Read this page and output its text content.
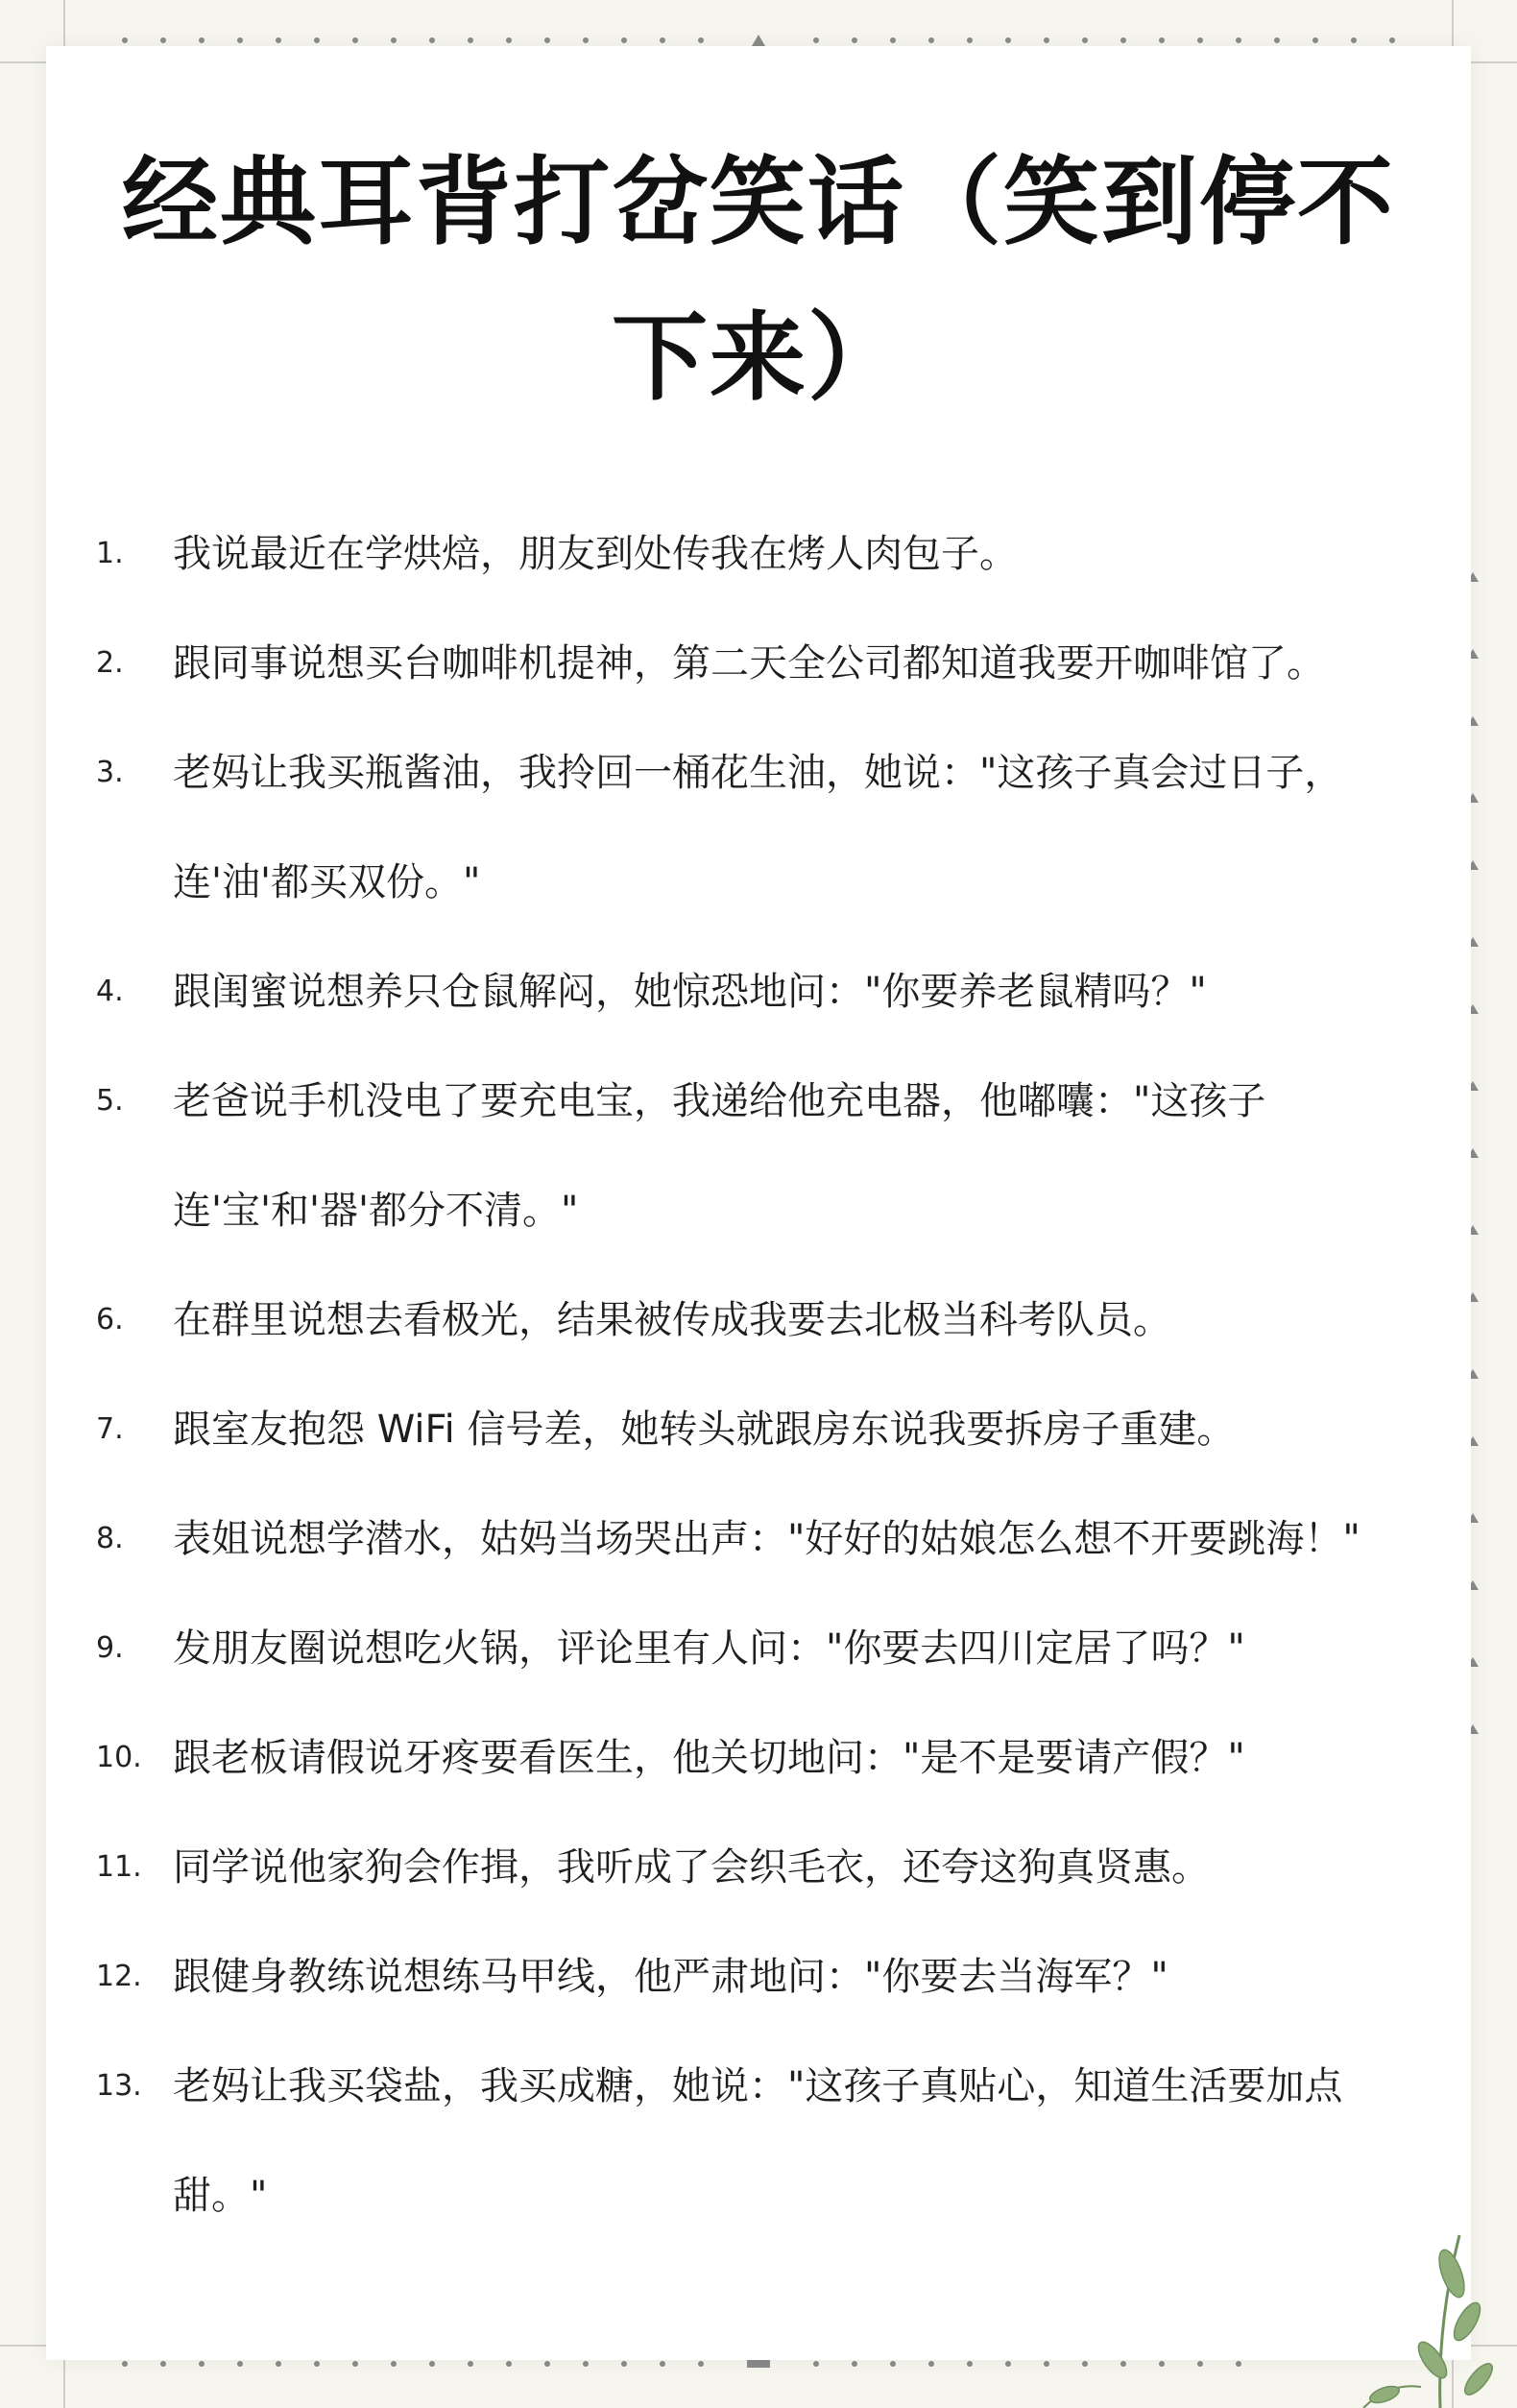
经典耳背打岔笑话（笑到停不下来）
1.	我说最近在学烘焙，朋友到处传我在烤人肉包子。
2.	跟同事说想买台咖啡机提神，第二天全公司都知道我要开咖啡馆了。
3.	老妈让我买瓶酱油，我拎回一桶花生油，她说："这孩子真会过日子，连'油'都买双份。"
4.	跟闺蜜说想养只仓鼠解闷，她惊恐地问："你要养老鼠精吗？"
5.	老爸说手机没电了要充电宝，我递给他充电器，他嘟囔："这孩子连'宝'和'器'都分不清。"
6.	在群里说想去看极光，结果被传成我要去北极当科考队员。
7.	跟室友抱怨 WiFi 信号差，她转头就跟房东说我要拆房子重建。
8.	表姐说想学潜水，姑妈当场哭出声："好好的姑娘怎么想不开要跳海！"
9.	发朋友圈说想吃火锅，评论里有人问："你要去四川定居了吗？"
10. 跟老板请假说牙疼要看医生，他关切地问："是不是要请产假？"
11. 同学说他家狗会作揖，我听成了会织毛衣，还夸这狗真贤惠。
12. 跟健身教练说想练马甲线，他严肃地问："你要去当海军？"
13. 老妈让我买袋盐，我买成糖，她说："这孩子真贴心，知道生活要加点甜。"
